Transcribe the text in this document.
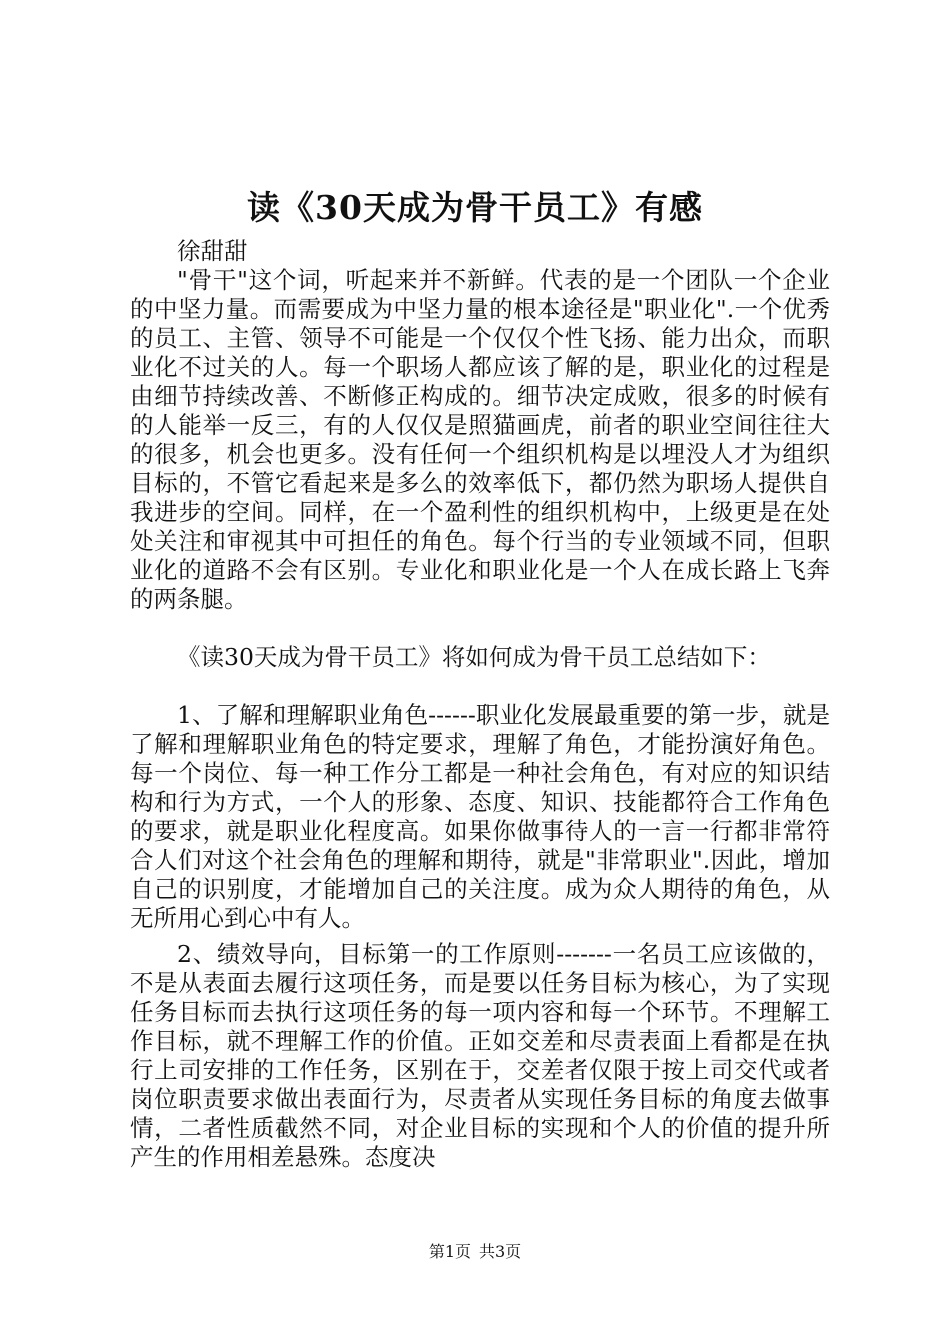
读《30天成为骨干员工》有感
徐甜甜
"骨干"这个词，听起来并不新鲜。代表的是一个团队一个企业的中坚力量。而需要成为中坚力量的根本途径是"职业化".一个优秀的员工、主管、领导不可能是一个仅仅个性飞扬、能力出众，而职业化不过关的人。每一个职场人都应该了解的是，职业化的过程是由细节持续改善、不断修正构成的。细节决定成败，很多的时候有的人能举一反三，有的人仅仅是照猫画虎，前者的职业空间往往大的很多，机会也更多。没有任何一个组织机构是以埋没人才为组织目标的，不管它看起来是多么的效率低下，都仍然为职场人提供自我进步的空间。同样，在一个盈利性的组织机构中，上级更是在处处关注和审视其中可担任的角色。每个行当的专业领域不同，但职业化的道路不会有区别。专业化和职业化是一个人在成长路上飞奔的两条腿。
《读30天成为骨干员工》将如何成为骨干员工总结如下：
1、了解和理解职业角色------职业化发展最重要的第一步，就是了解和理解职业角色的特定要求，理解了角色，才能扮演好角色。每一个岗位、每一种工作分工都是一种社会角色，有对应的知识结构和行为方式，一个人的形象、态度、知识、技能都符合工作角色的要求，就是职业化程度高。如果你做事待人的一言一行都非常符合人们对这个社会角色的理解和期待，就是"非常职业".因此，增加自己的识别度，才能增加自己的关注度。成为众人期待的角色，从无所用心到心中有人。
2、绩效导向，目标第一的工作原则-------一名员工应该做的，不是从表面去履行这项任务，而是要以任务目标为核心，为了实现任务目标而去执行这项任务的每一项内容和每一个环节。不理解工作目标，就不理解工作的价值。正如交差和尽责表面上看都是在执行上司安排的工作任务，区别在于，交差者仅限于按上司交代或者岗位职责要求做出表面行为，尽责者从实现任务目标的角度去做事情，二者性质截然不同，对企业目标的实现和个人的价值的提升所产生的作用相差悬殊。态度决
第1页 共3页
